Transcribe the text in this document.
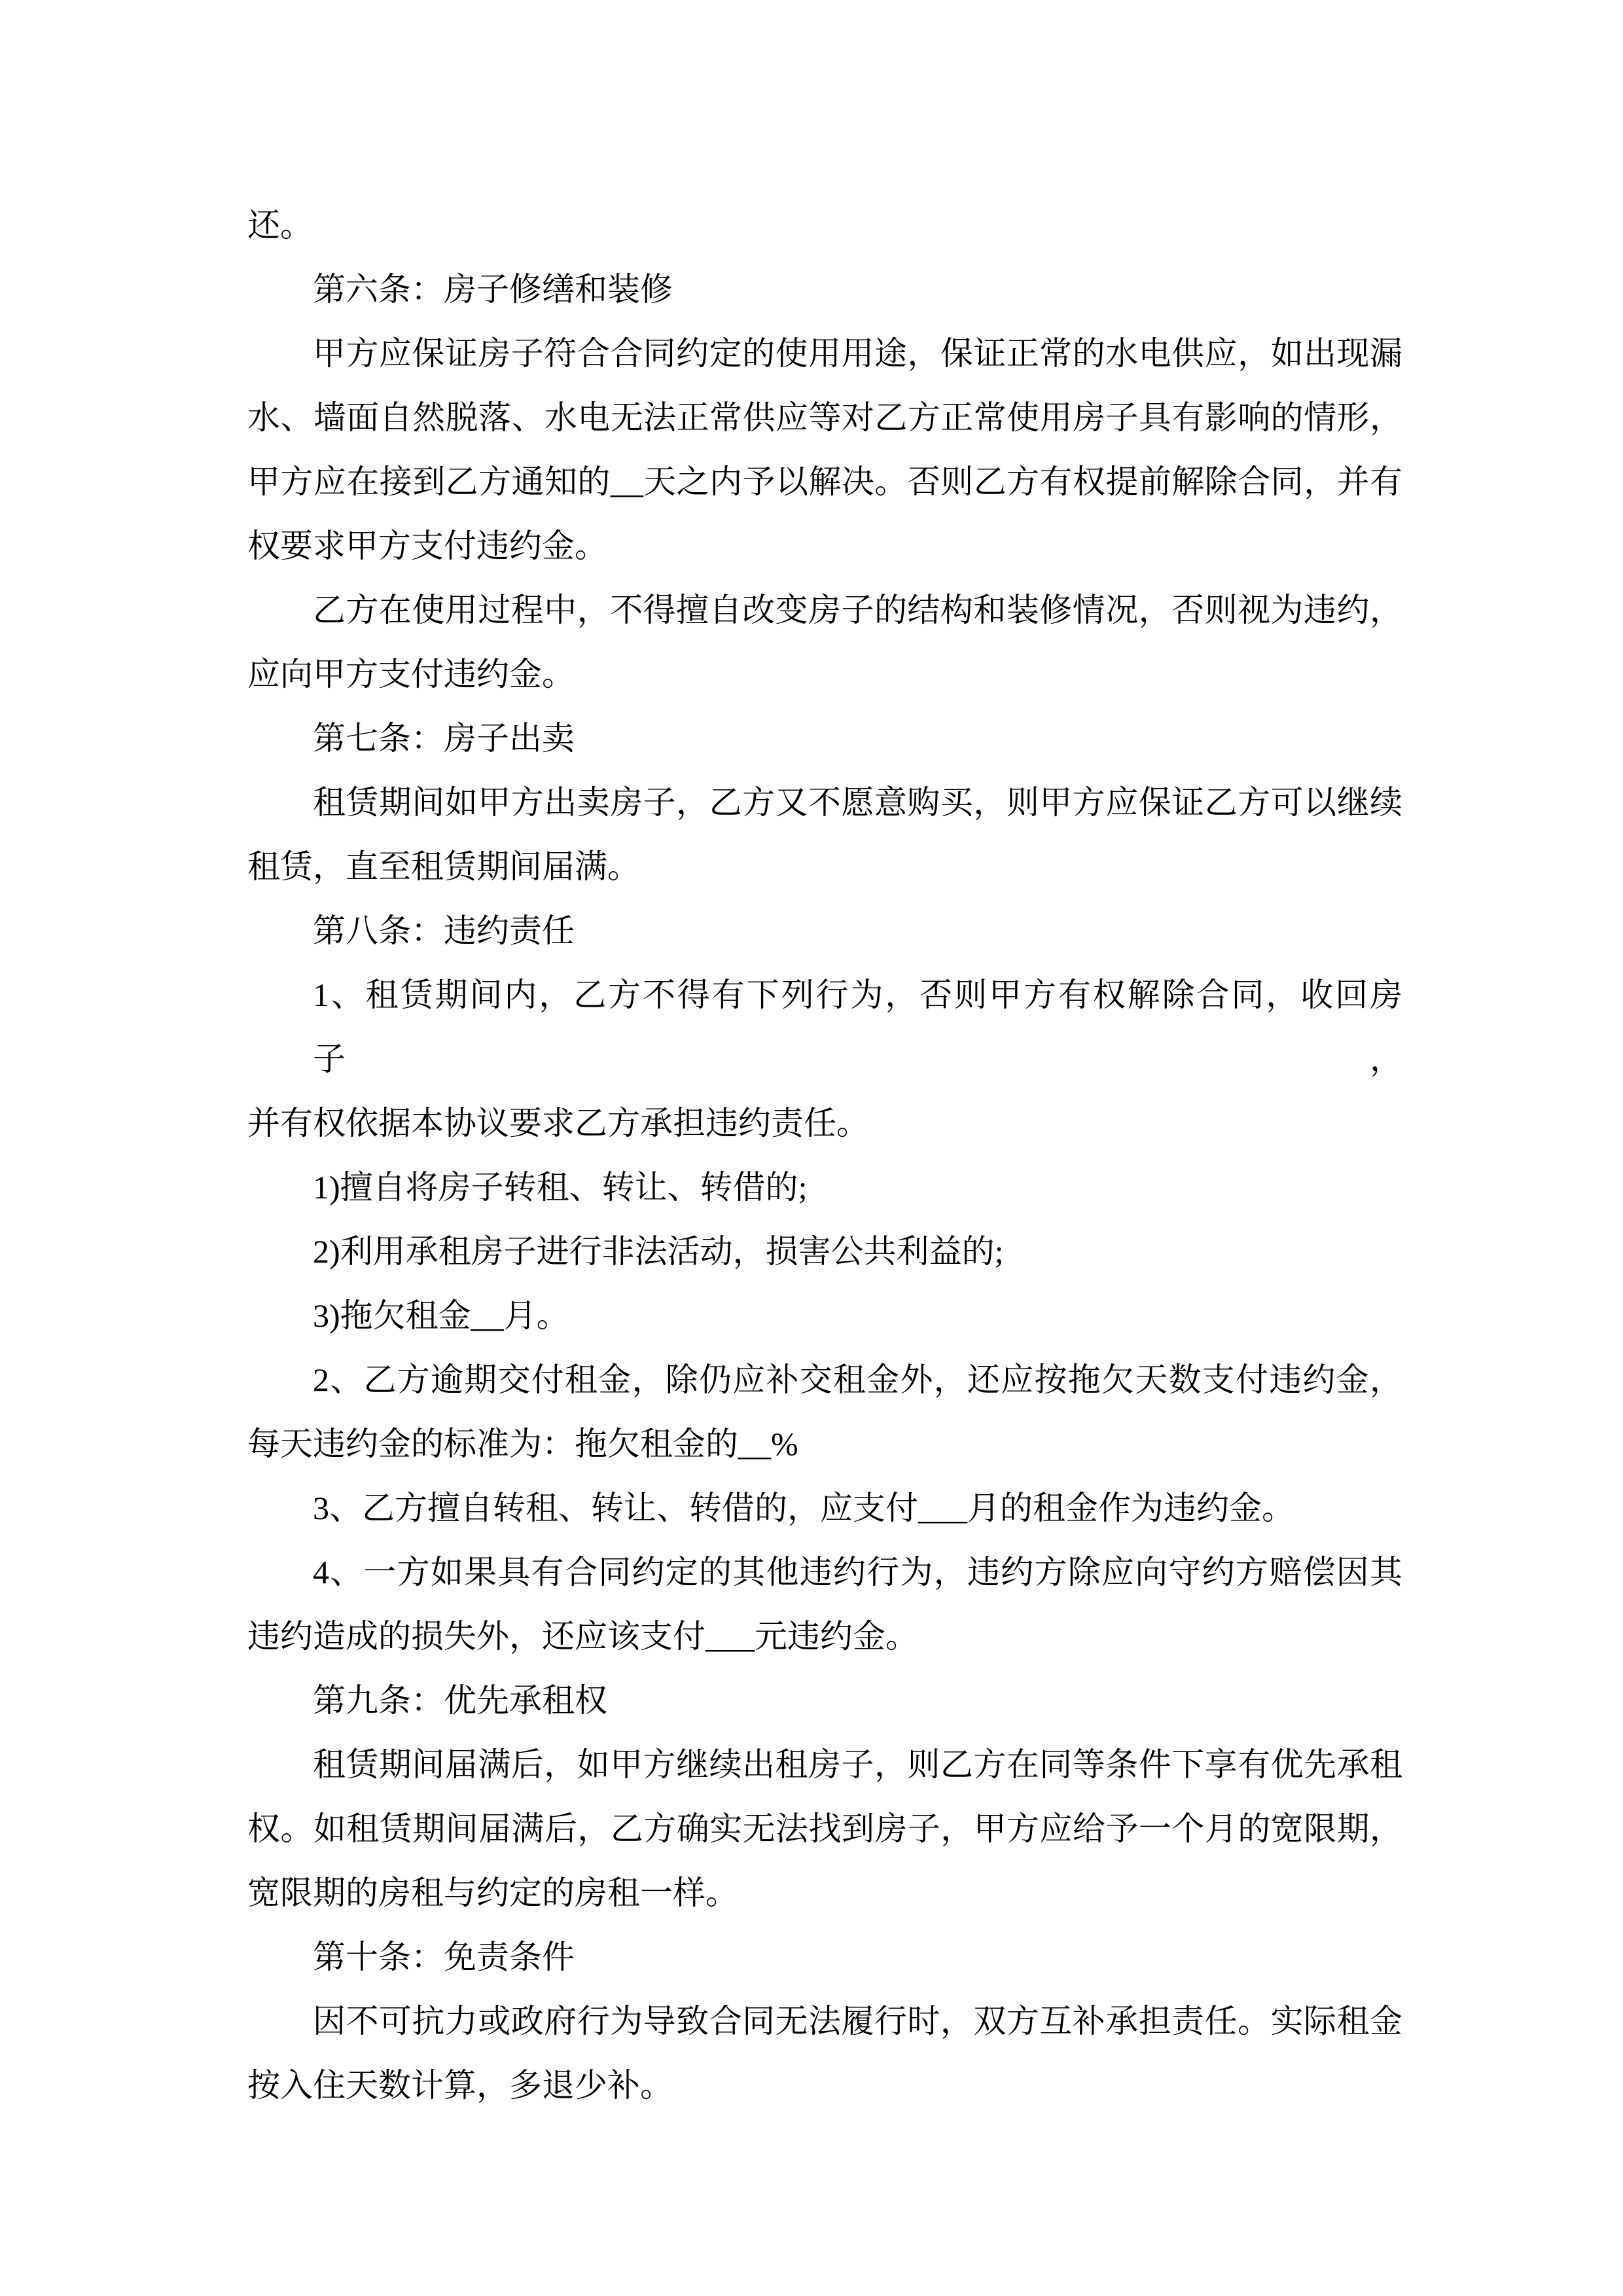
还。
第六条：房子修缮和装修
甲方应保证房子符合合同约定的使用用途，保证正常的水电供应，如出现漏
水、墙面自然脱落、水电无法正常供应等对乙方正常使用房子具有影响的情形，
甲方应在接到乙方通知的__天之内予以解决。否则乙方有权提前解除合同，并有
权要求甲方支付违约金。
乙方在使用过程中，不得擅自改变房子的结构和装修情况，否则视为违约，
应向甲方支付违约金。
第七条：房子出卖
租赁期间如甲方出卖房子，乙方又不愿意购买，则甲方应保证乙方可以继续
租赁，直至租赁期间届满。
第八条：违约责任
1、租赁期间内，乙方不得有下列行为，否则甲方有权解除合同，收回房子，
并有权依据本协议要求乙方承担违约责任。
1)擅自将房子转租、转让、转借的;
2)利用承租房子进行非法活动，损害公共利益的;
3)拖欠租金__月。
2、乙方逾期交付租金，除仍应补交租金外，还应按拖欠天数支付违约金，
每天违约金的标准为：拖欠租金的__%
3、乙方擅自转租、转让、转借的，应支付___月的租金作为违约金。
4、一方如果具有合同约定的其他违约行为，违约方除应向守约方赔偿因其
违约造成的损失外，还应该支付___元违约金。
第九条：优先承租权
租赁期间届满后，如甲方继续出租房子，则乙方在同等条件下享有优先承租
权。如租赁期间届满后，乙方确实无法找到房子，甲方应给予一个月的宽限期，
宽限期的房租与约定的房租一样。
第十条：免责条件
因不可抗力或政府行为导致合同无法履行时，双方互补承担责任。实际租金
按入住天数计算，多退少补。
